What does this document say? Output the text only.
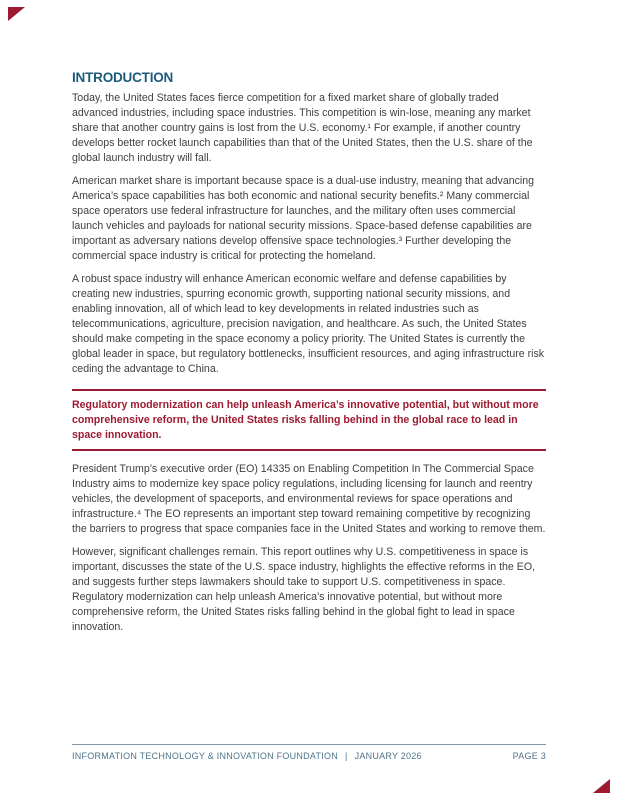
INTRODUCTION

Today, the United States faces fierce competition for a fixed market share of globally traded advanced industries, including space industries. This competition is win-lose, meaning any market share that another country gains is lost from the U.S. economy.¹ For example, if another country develops better rocket launch capabilities than that of the United States, then the U.S. share of the global launch industry will fall.

American market share is important because space is a dual-use industry, meaning that advancing America’s space capabilities has both economic and national security benefits.² Many commercial space operators use federal infrastructure for launches, and the military often uses commercial launch vehicles and payloads for national security missions. Space-based defense capabilities are important as adversary nations develop offensive space technologies.³ Further developing the commercial space industry is critical for protecting the homeland.

A robust space industry will enhance American economic welfare and defense capabilities by creating new industries, spurring economic growth, supporting national security missions, and enabling innovation, all of which lead to key developments in related industries such as telecommunications, agriculture, precision navigation, and healthcare. As such, the United States should make competing in the space economy a policy priority. The United States is currently the global leader in space, but regulatory bottlenecks, insufficient resources, and aging infrastructure risk ceding the advantage to China.

Regulatory modernization can help unleash America’s innovative potential, but without more comprehensive reform, the United States risks falling behind in the global race to lead in space innovation.

President Trump’s executive order (EO) 14335 on Enabling Competition In The Commercial Space Industry aims to modernize key space policy regulations, including licensing for launch and reentry vehicles, the development of spaceports, and environmental reviews for space operations and infrastructure.⁴ The EO represents an important step toward remaining competitive by recognizing the barriers to progress that space companies face in the United States and working to remove them.

However, significant challenges remain. This report outlines why U.S. competitiveness in space is important, discusses the state of the U.S. space industry, highlights the effective reforms in the EO, and suggests further steps lawmakers should take to support U.S. competitiveness in space. Regulatory modernization can help unleash America’s innovative potential, but without more comprehensive reform, the United States risks falling behind in the global fight to lead in space innovation.

INFORMATION TECHNOLOGY & INNOVATION FOUNDATION | JANUARY 2026	PAGE 3
